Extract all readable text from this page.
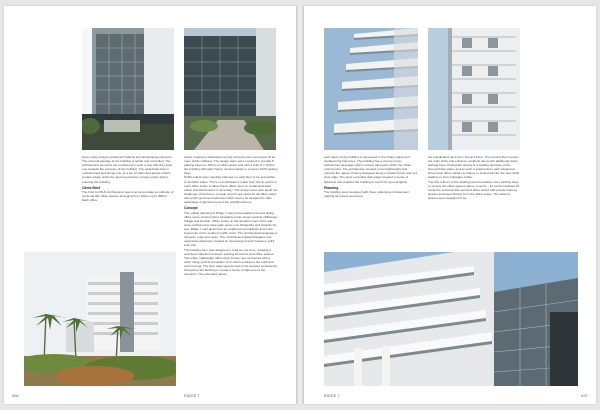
boom using closely positioned bollards and landscaping elements. The external signage at the building is subtle and controlled. The architectural elements are positioned in such a way that they lead one towards the entrance of the building. The pedestrian flow is unobstructed and brings one up a set of stairs and allows visitors to take refuge under the layered entrance canopy edges before entering the building.

Client Brief

The brief to PAUK Architecture was to accommodate a multitude of sectional title office spaces arranging from 100m² up to 908m². Each office

space required a dedicated security entrance door accessed off an open public walkway. The design team were required to provide 5 parking bays per 100m² of office space and with a bulk of 7,700m², the building ultimately had to accommodate in excess of 520 parking bays.

Public toilets were carefully planned on each floor to be accessible to all office suites. There is an allowance made from the tip points in each office suites to allow future office users to install dedicated toilets and kitchenettes if necessary. The design team also faced the challenge of training to provide superb sea views for all office suites along with generous balconies which had to be designed to take advantage of glorious food of the neighbourhood.

Concept

The spatial planning of Ridge 7 was conceptualised around giving office users uninterrupted sprawling ocean views towards uMhlanga Village and Durban. Office suites on the Southern part of the site were positioned to have wide views over Ridgeside and towards the sea. Ridge 7 sets apart from its neighbouring buildings and is the focal point of the southern traffic circle. The architectural language is dynamic, crisp and clean. The multi-faceted glazed façades and expressive balconies created an interesting tension between solid and void.

The building form was designed to read as one form, creating a seamless transition between parking structures and office spaces. Two white, lightweight office wing "boxes" are connected with a solid, rising vertical circulation core which embraces the solid and void concept. The floor plate layouts tried to be stepped consistently throughout the building to create a sense of lightness to the elevation. The extended nature

606	RIDGE 7

and nature of the building is expressed in the sharp edges and cantilevering balconies. The building has a strong corner architecture language which crosses rigorously within the urban environment. The architecture created to feel lightweight and express the nature of being designed along a coastal forest and sea view edge. The layer extended slab edges created a sense of lightness and enabled the building to touch the ground lightly.

Planning

The building were designed with three underground basement parking structures accessed

via a dedicated ramp from Ground Floor. The Ground floor houses the main lobby and entrance vestibule along with additional visitor parking bays. Pedestrian activity is a leading principle on the Ground Floor plane and as such a supertexture path situated at street level offers visitors a chance to sit and admire the view while waiting on their colleague coffee.

The first 4 floors of the building accommodates more parking bays to service the office spaces above. Level 5 – 12 accommodates 16 exclusive sectional title serviced office suites with private balcony spaces accessed directly from the office suites. The balcony spaces were designed to be

RIDGE 7	607
